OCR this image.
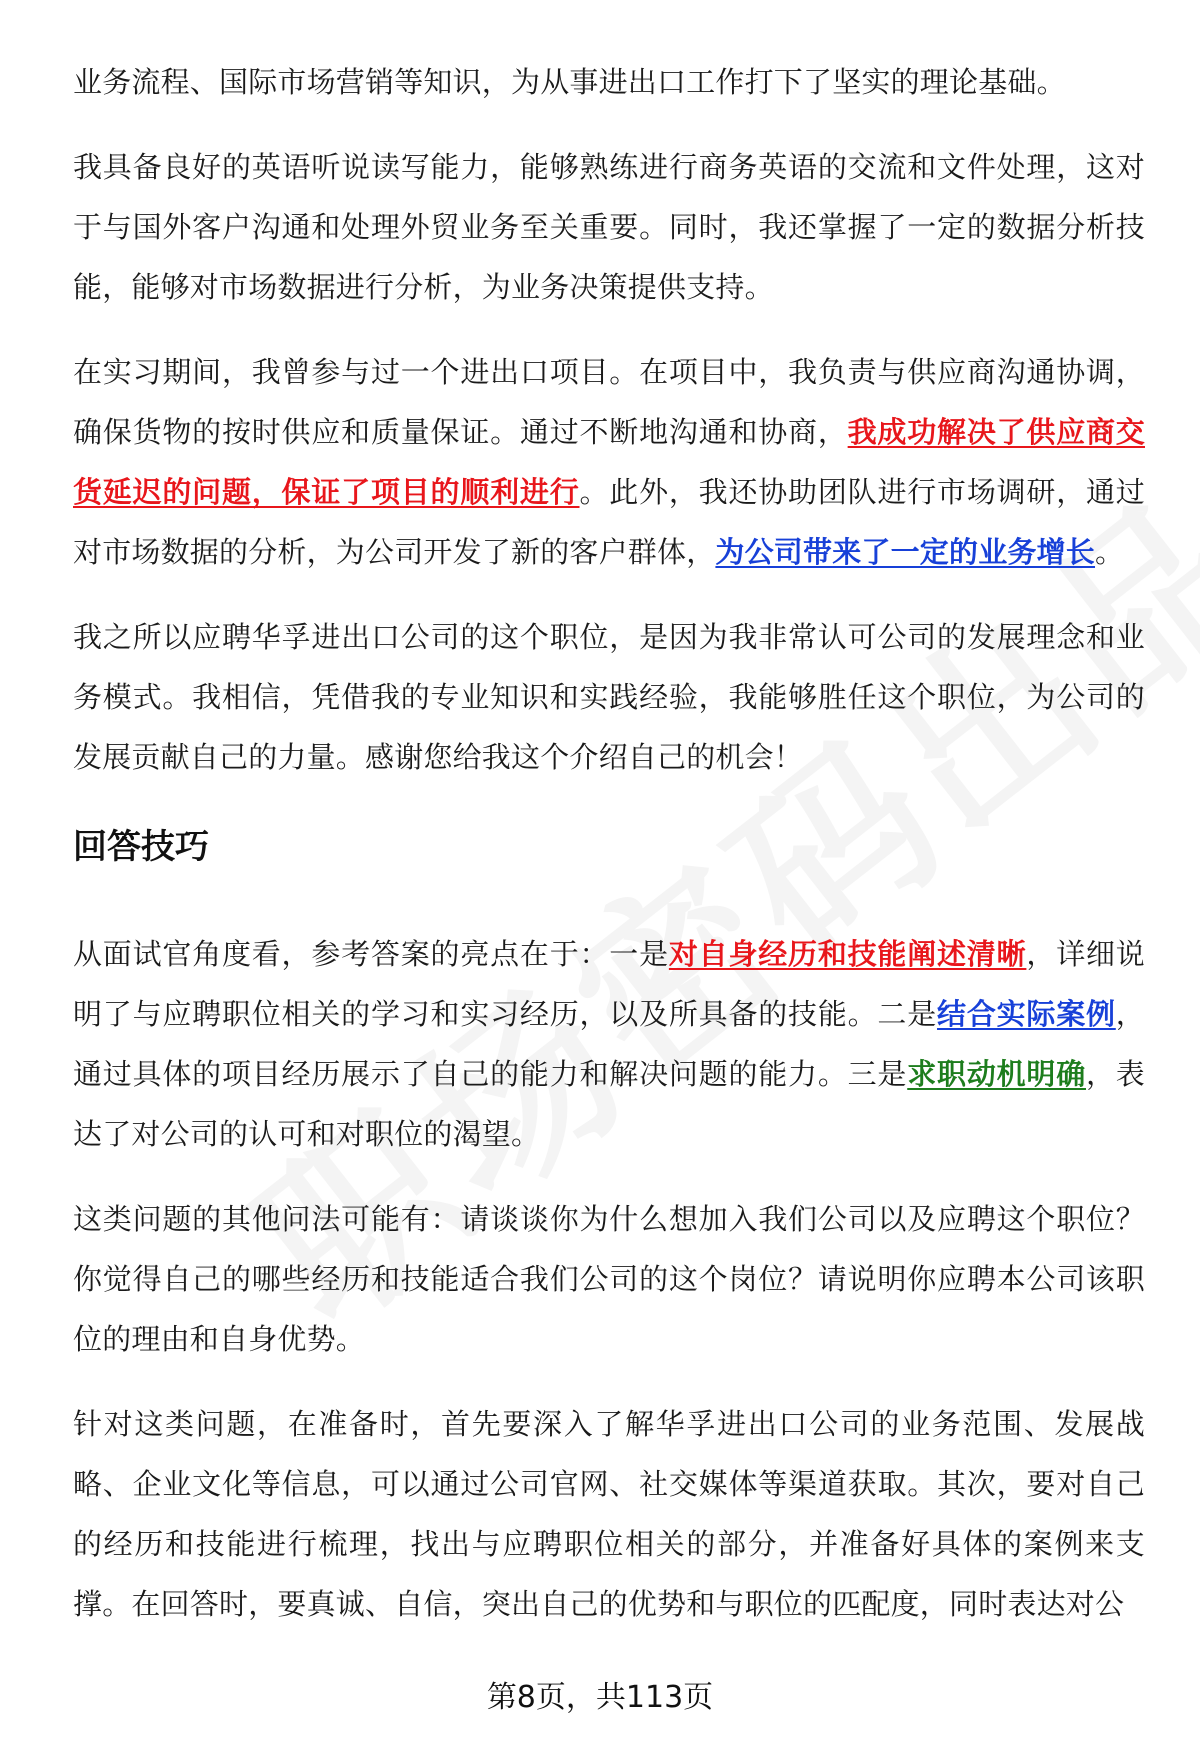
业务流程、国际市场营销等知识，为从事进出口工作打下了坚实的理论基础。

我具备良好的英语听说读写能力，能够熟练进行商务英语的交流和文件处理，这对于与国外客户沟通和处理外贸业务至关重要。同时，我还掌握了一定的数据分析技能，能够对市场数据进行分析，为业务决策提供支持。

在实习期间，我曾参与过一个进出口项目。在项目中，我负责与供应商沟通协调，确保货物的按时供应和质量保证。通过不断地沟通和协商，我成功解决了供应商交货延迟的问题，保证了项目的顺利进行。此外，我还协助团队进行市场调研，通过对市场数据的分析，为公司开发了新的客户群体，为公司带来了一定的业务增长。

我之所以应聘华孚进出口公司的这个职位，是因为我非常认可公司的发展理念和业务模式。我相信，凭借我的专业知识和实践经验，我能够胜任这个职位，为公司的发展贡献自己的力量。感谢您给我这个介绍自己的机会！

回答技巧

从面试官角度看，参考答案的亮点在于：一是对自身经历和技能阐述清晰，详细说明了与应聘职位相关的学习和实习经历，以及所具备的技能。二是结合实际案例，通过具体的项目经历展示了自己的能力和解决问题的能力。三是求职动机明确，表达了对公司的认可和对职位的渴望。

这类问题的其他问法可能有：请谈谈你为什么想加入我们公司以及应聘这个职位？你觉得自己的哪些经历和技能适合我们公司的这个岗位？请说明你应聘本公司该职位的理由和自身优势。

针对这类问题，在准备时，首先要深入了解华孚进出口公司的业务范围、发展战略、企业文化等信息，可以通过公司官网、社交媒体等渠道获取。其次，要对自己的经历和技能进行梳理，找出与应聘职位相关的部分，并准备好具体的案例来支撑。在回答时，要真诚、自信，突出自己的优势和与职位的匹配度，同时表达对公

第8页，共113页
